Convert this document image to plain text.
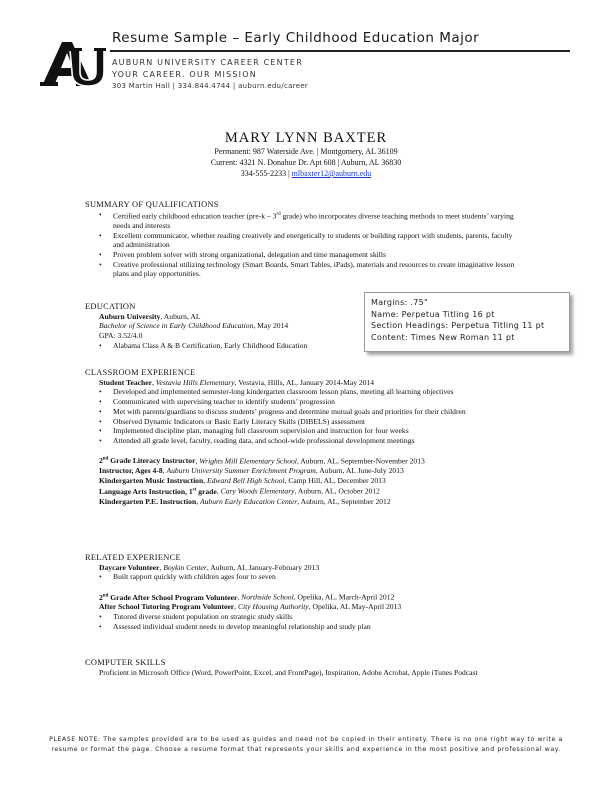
Resume Sample – Early Childhood Education Major
AUBURN UNIVERSITY CAREER CENTER
YOUR CAREER. OUR MISSION
303 Martin Hall | 334.844.4744 | auburn.edu/career
MARY LYNN BAXTER
Permanent: 987 Waterside Ave. | Montgomery, AL 36109
Current: 4321 N. Donahue Dr. Apt 608 | Auburn, AL 36830
334-555-2233 | mlbaxter12@auburn.edu
SUMMARY OF QUALIFICATIONS
• Certified early childhood education teacher (pre-k – 3rd grade) who incorporates diverse teaching methods to meet students’ varying needs and interests
• Excellent communicator, whether reading creatively and energetically to students or building rapport with students, parents, faculty and administration
• Proven problem solver with strong organizational, delegation and time management skills
• Creative professional utilizing technology (Smart Boards, Smart Tables, iPads), materials and resources to create imaginative lesson plans and play opportunities.
EDUCATION
Auburn University, Auburn, AL
Bachelor of Science in Early Childhood Education, May 2014
GPA: 3.52/4.0
• Alabama Class A & B Certification, Early Childhood Education
Margins: .75"
Name: Perpetua Titling 16 pt
Section Headings: Perpetua Titling 11 pt
Content: Times New Roman 11 pt
CLASSROOM EXPERIENCE
Student Teacher, Vestavia Hills Elementary, Vestavia, Hills, AL, January 2014-May 2014
• Developed and implemented semester-long kindergarten classroom lesson plans, meeting all learning objectives
• Communicated with supervising teacher to identify students’ progression
• Met with parents/guardians to discuss students’ progress and determine mutual goals and priorities for their children
• Observed Dynamic Indicators or Basic Early Literacy Skills (DIBELS) assessment
• Implemented discipline plan, managing full classroom supervision and instruction for four weeks
• Attended all grade level, faculty, reading data, and school-wide professional development meetings
2nd Grade Literacy Instructor, Wrights Mill Elementary School, Auburn, AL, September-November 2013
Instructor, Ages 4-8, Auburn University Summer Enrichment Program, Auburn, AL June-July 2013
Kindergarten Music Instruction, Edward Bell High School, Camp Hill, AL, December 2013
Language Arts Instruction, 1st grade, Cary Woods Elementary, Auburn, AL, October 2012
Kindergarten P.E. Instruction, Auburn Early Education Center, Auburn, AL, September 2012
RELATED EXPERIENCE
Daycare Volunteer, Boykin Center, Auburn, AL January-February 2013
• Built rapport quickly with children ages four to seven
2nd Grade After School Program Volunteer, Northside School, Opelika, AL, March-April 2012
After School Tutoring Program Volunteer, City Housing Authority, Opelika, AL May-April 2013
• Tutored diverse student population on strategic study skills
• Assessed individual student needs to develop meaningful relationship and study plan
COMPUTER SKILLS
Proficient in Microsoft Office (Word, PowerPoint, Excel, and FrontPage), Inspiration, Adobe Acrobat, Apple iTunes Podcast
PLEASE NOTE: The samples provided are to be used as guides and need not be copied in their entirety. There is no one right way to write a
resume or format the page. Choose a resume format that represents your skills and experience in the most positive and professional way.
